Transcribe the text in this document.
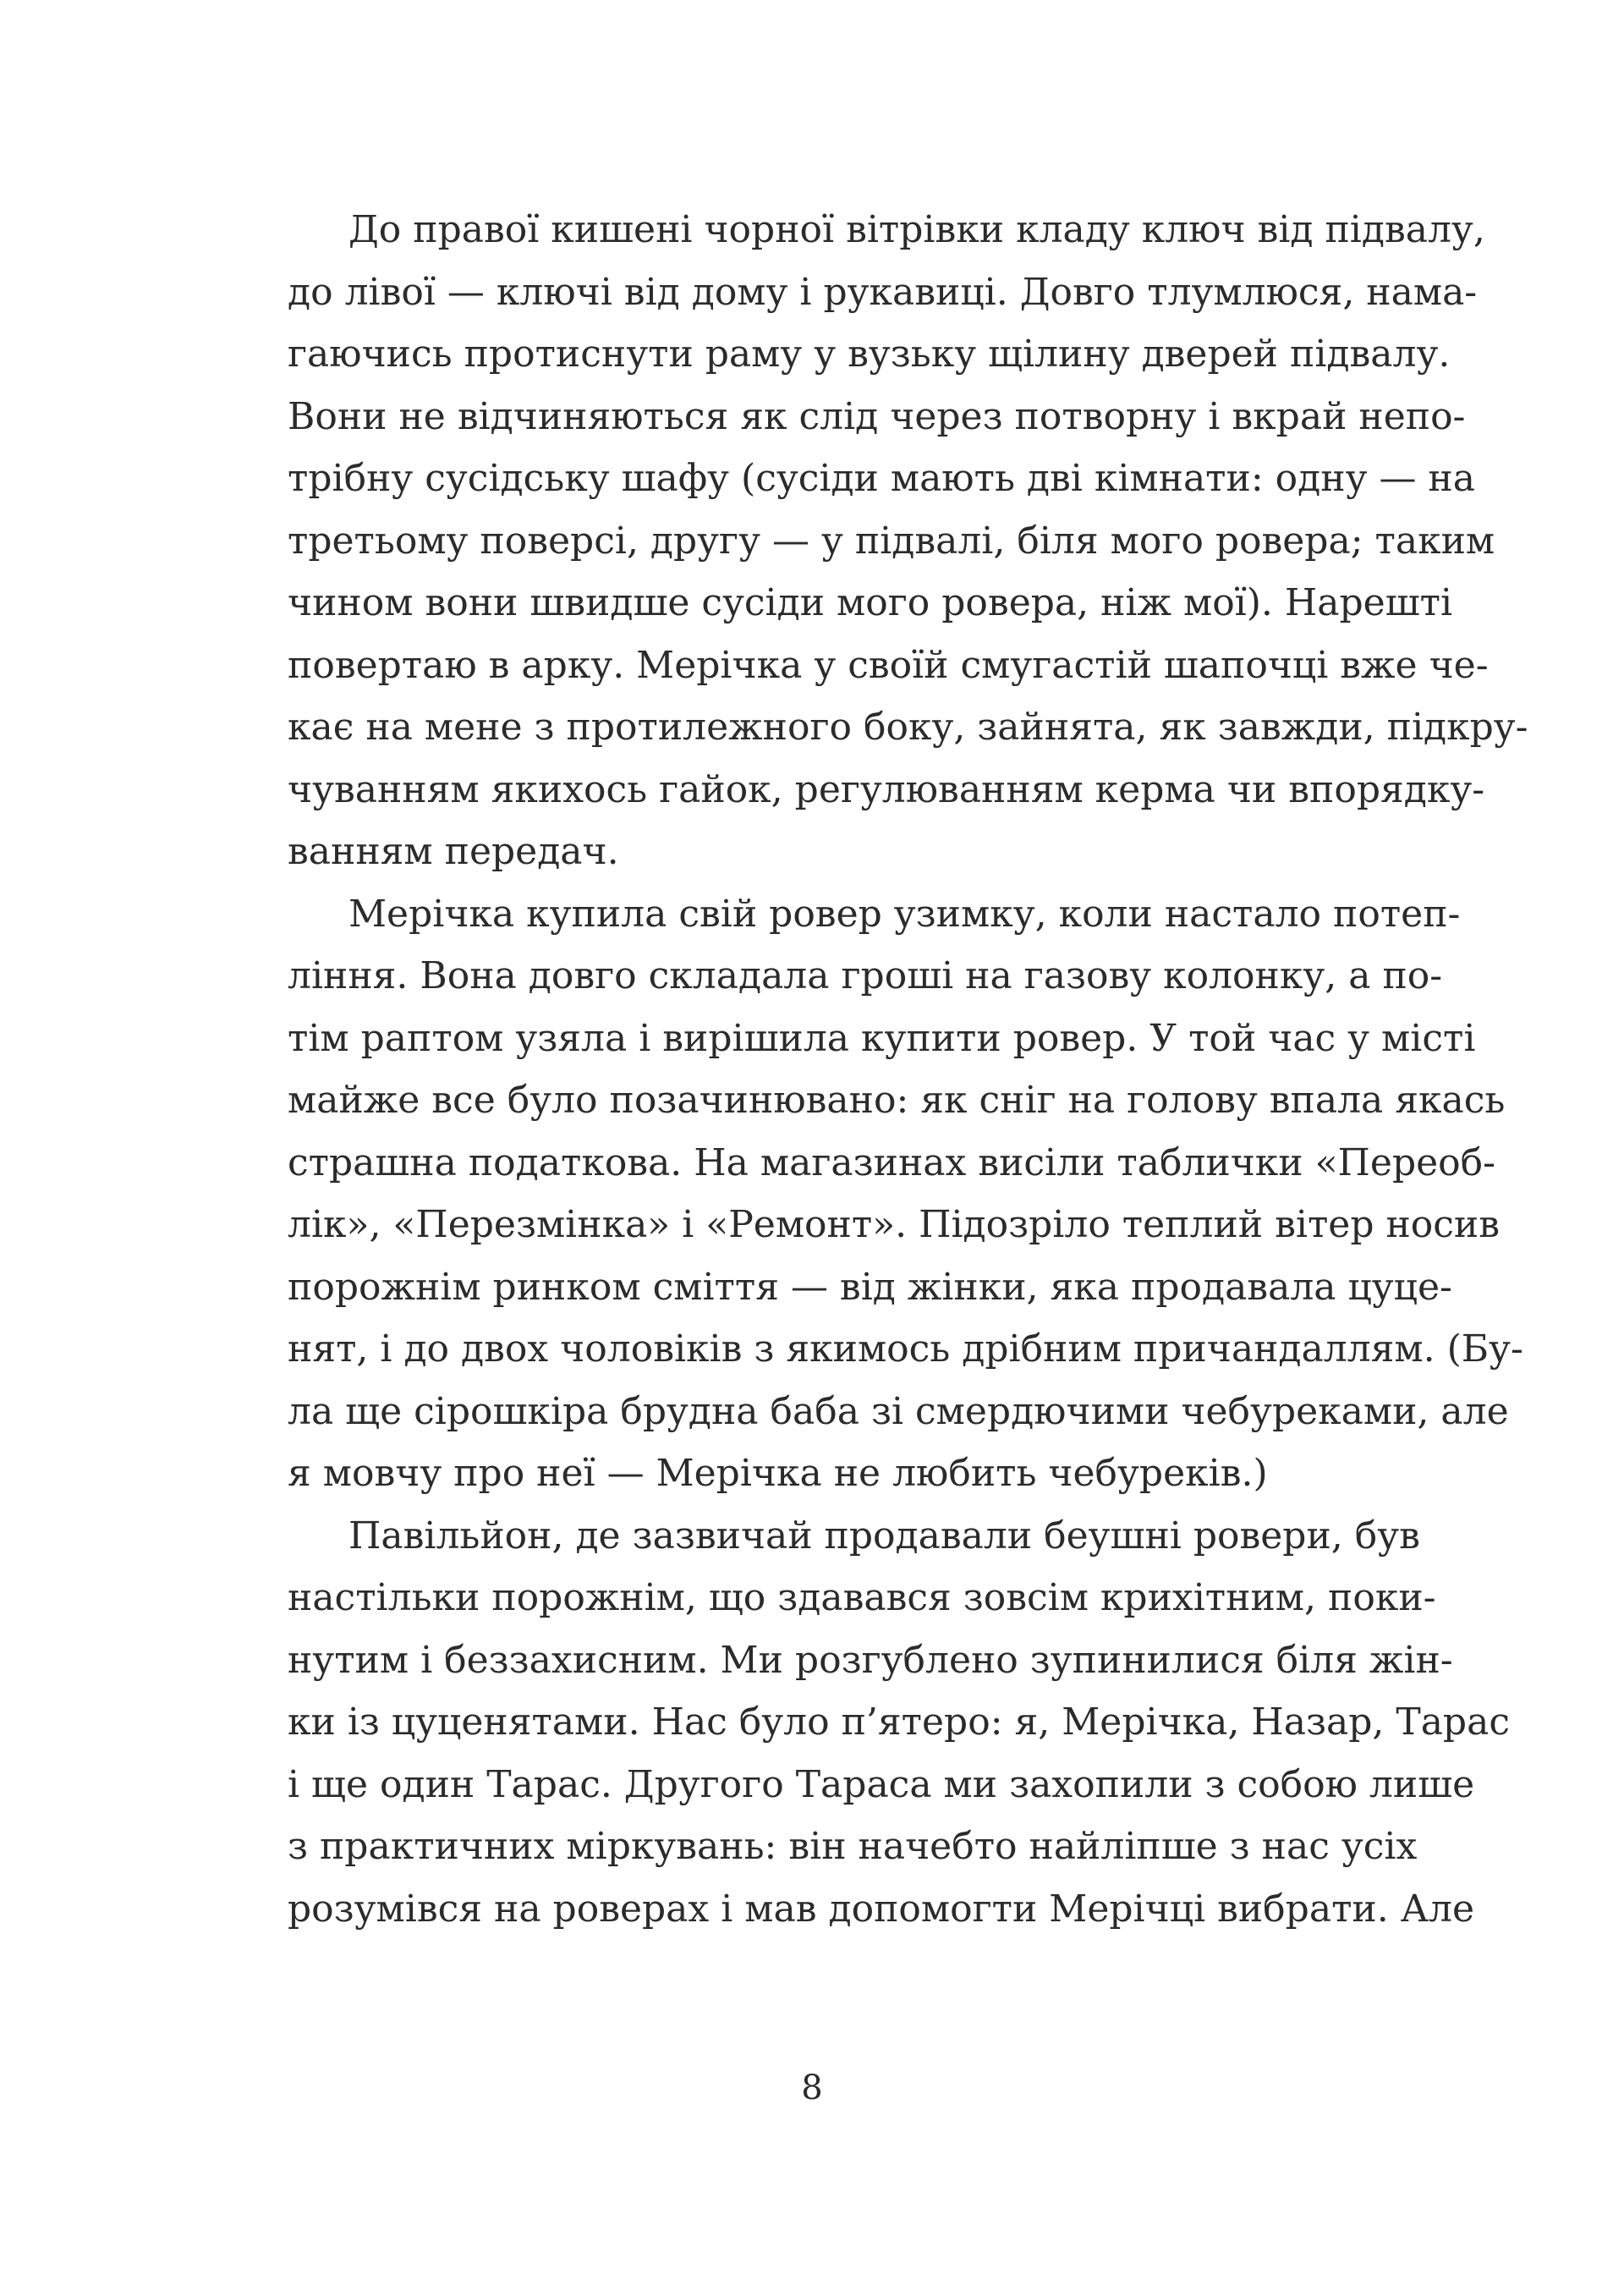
До правої кишені чорної вітрівки кладу ключ від підвалу,
до лівої — ключі від дому і рукавиці. Довго тлумлюся, нама-
гаючись протиснути раму у вузьку щілину дверей підвалу.
Вони не відчиняються як слід через потворну і вкрай непо-
трібну сусідську шафу (сусіди мають дві кімнати: одну — на
третьому поверсі, другу — у підвалі, біля мого ровера; таким
чином вони швидше сусіди мого ровера, ніж мої). Нарешті
повертаю в арку. Мерічка у своїй смугастій шапочці вже че-
кає на мене з протилежного боку, зайнята, як завжди, підкру-
чуванням якихось гайок, регулюванням керма чи впорядку-
ванням передач.
Мерічка купила свій ровер узимку, коли настало потеп-
ління. Вона довго складала гроші на газову колонку, а по-
тім раптом узяла і вирішила купити ровер. У той час у місті
майже все було позачинювано: як сніг на голову впала якась
страшна податкова. На магазинах висіли таблички «Переоб-
лік», «Перезмінка» і «Ремонт». Підозріло теплий вітер носив
порожнім ринком сміття — від жінки, яка продавала цуце-
нят, і до двох чоловіків з якимось дрібним причандаллям. (Бу-
ла ще сірошкіра брудна баба зі смердючими чебуреками, але
я мовчу про неї — Мерічка не любить чебуреків.)
Павільйон, де зазвичай продавали беушні ровери, був
настільки порожнім, що здавався зовсім крихітним, поки-
нутим і беззахисним. Ми розгублено зупинилися біля жін-
ки із цуценятами. Нас було п’ятеро: я, Мерічка, Назар, Тарас
і ще один Тарас. Другого Тараса ми захопили з собою лише
з практичних міркувань: він начебто найліпше з нас усіх
розумівся на роверах і мав допомогти Мерічці вибрати. Але
8
